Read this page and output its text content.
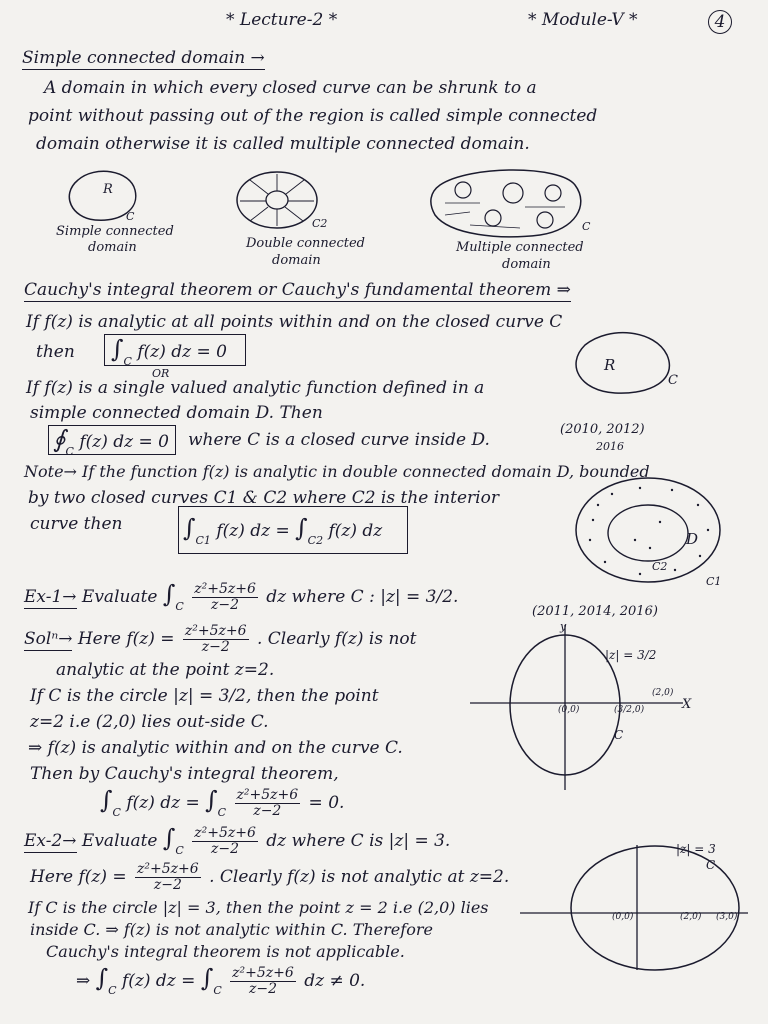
* Lecture-2 *	* Module-V *	4
Simple connected domain →
A domain in which every closed curve can be shrunk to a
point without passing out of the region is called simple connected
domain otherwise it is called multiple connected domain.
R
C
Simple connected
domain
C2
Double connected
domain
C
Multiple connected
domain
Cauchy's integral theorem or Cauchy's fundamental theorem ⇒
If f(z) is analytic at all points within and on the closed curve C
then $\int_C$ f(z) dz = 0
OR	R
C
If f(z) is a single valued analytic function defined in a
simple connected domain D. Then
$∮_C$ f(z) dz = 0 where C is a closed curve inside D.
(2010, 2012)
2016
Note→ If the function f(z) is analytic in double connected domain D, bounded
by two closed curves C1 & C2 where C2 is the interior
curve then	$\int_{C1}$ f(z) dz = $\int_{C2}$ f(z) dz	D
C2
C1
Ex-1→ Evaluate $\int_C \frac{\text{z²+5z+6}}{z-2}$ dz where C : |z| = 3/2.
(2011, 2014, 2016)
Solⁿ→ Here $f(z) = \frac{\text{z²+5z+6}}{z-2}$ . Clearly f(z) is not
analytic at the point z=2.
If C is the circle |z| = 3/2, then the point
z=2 i.e (2,0) lies out-side C.
⇒ f(z) is analytic within and on the curve C.
Then by Cauchy's integral theorem,
$\int_C$ f(z) dz = $\int_C \frac{\text{z²+5z+6}}{z-2} = 0$.
y
X
|z| = 3/2
(0,0)	(3/2,0)
(2,0)
C
Ex-2→ Evaluate $\int_C \frac{\text{z²+5z+6}}{z-2}$ dz where C is |z| = 3.
Here $f(z) = \frac{\text{z²+5z+6}}{z-2}$ . Clearly f(z) is not analytic at z=2.
If C is the circle |z| = 3, then the point z = 2 i.e (2,0) lies
inside C. ⇒ f(z) is not analytic within C. Therefore
Cauchy's integral theorem is not applicable.
⇒ $\int_C$ f(z) dz = $\int_C \frac{\text{z²+5z+6}}{z-2}$ dz ≠ 0.
|z| = 3
C
(0,0)	(2,0) (3,0)
